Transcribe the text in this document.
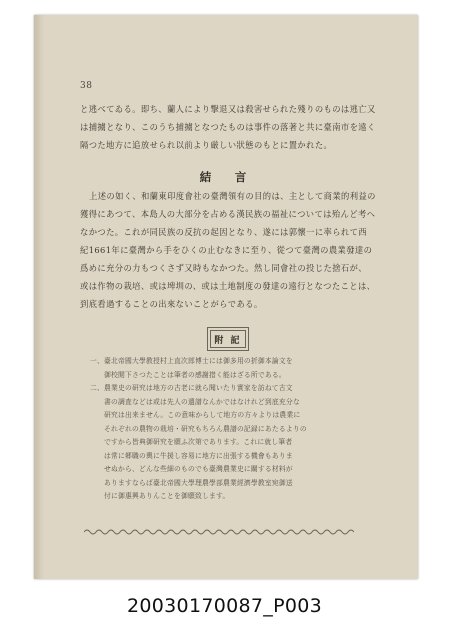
38
と逃べてゐる。即ち、蘭人により撃退又は殺害せられた殘りのものは逃亡又
は捕擄となり、このうち捕擄となつたものは事件の落著と共に臺南市を遠く
隔つた地方に追放せられ以前より厳しい狀態のもとに置かれた。
結　言
上述の如く、和蘭東印度會社の臺灣領有の目的は、主として商業的利益の
獲得にあつて、本島人の大部分を占める漢民族の福祉については殆んど考へ
なかつた。これが同民族の反抗の起因となり、遂には郭懷一に率られて西
紀1661年に臺灣から手をひくの止むなきに至り、從つて臺灣の農業發達の
爲めに充分の力もつくさず又時もなかつた。然し同會社の投じた捨石が、
或は作物の栽培、或は埤圳の、或は土地制度の發達の遠行となつたことは、
到底看過することの出來ないことがらである。
附 記
一、臺北帝國大學教授村上直次郎博士には御多用の折御本論文を
御校閲下さつたことは筆者の感謝措く能はざる所である。
二、農業史の研究は地方の古老に就ら聞いたり實家を訪ねて古文
書の調査などは或は先人の遺譜なんかではなけれど到底充分な
研究は出来ません。この意味からして地方の方々よりは農業に
それぞれの農物の栽培・研究もちろん農譜の記録にあたるよりの
ですから皆典御研究を願ふ次第であります。これに就し筆者
は常に郷職の輿に牛援し容易に地方に出張する機會もありま
せぬから、どんな些細のものでも臺灣農業史に關する材料が
ありますならば臺北帝國大學理農學部農業經濟學教室宛御送
付に御惠興ありんことを御願致します。
20030170087_P003
